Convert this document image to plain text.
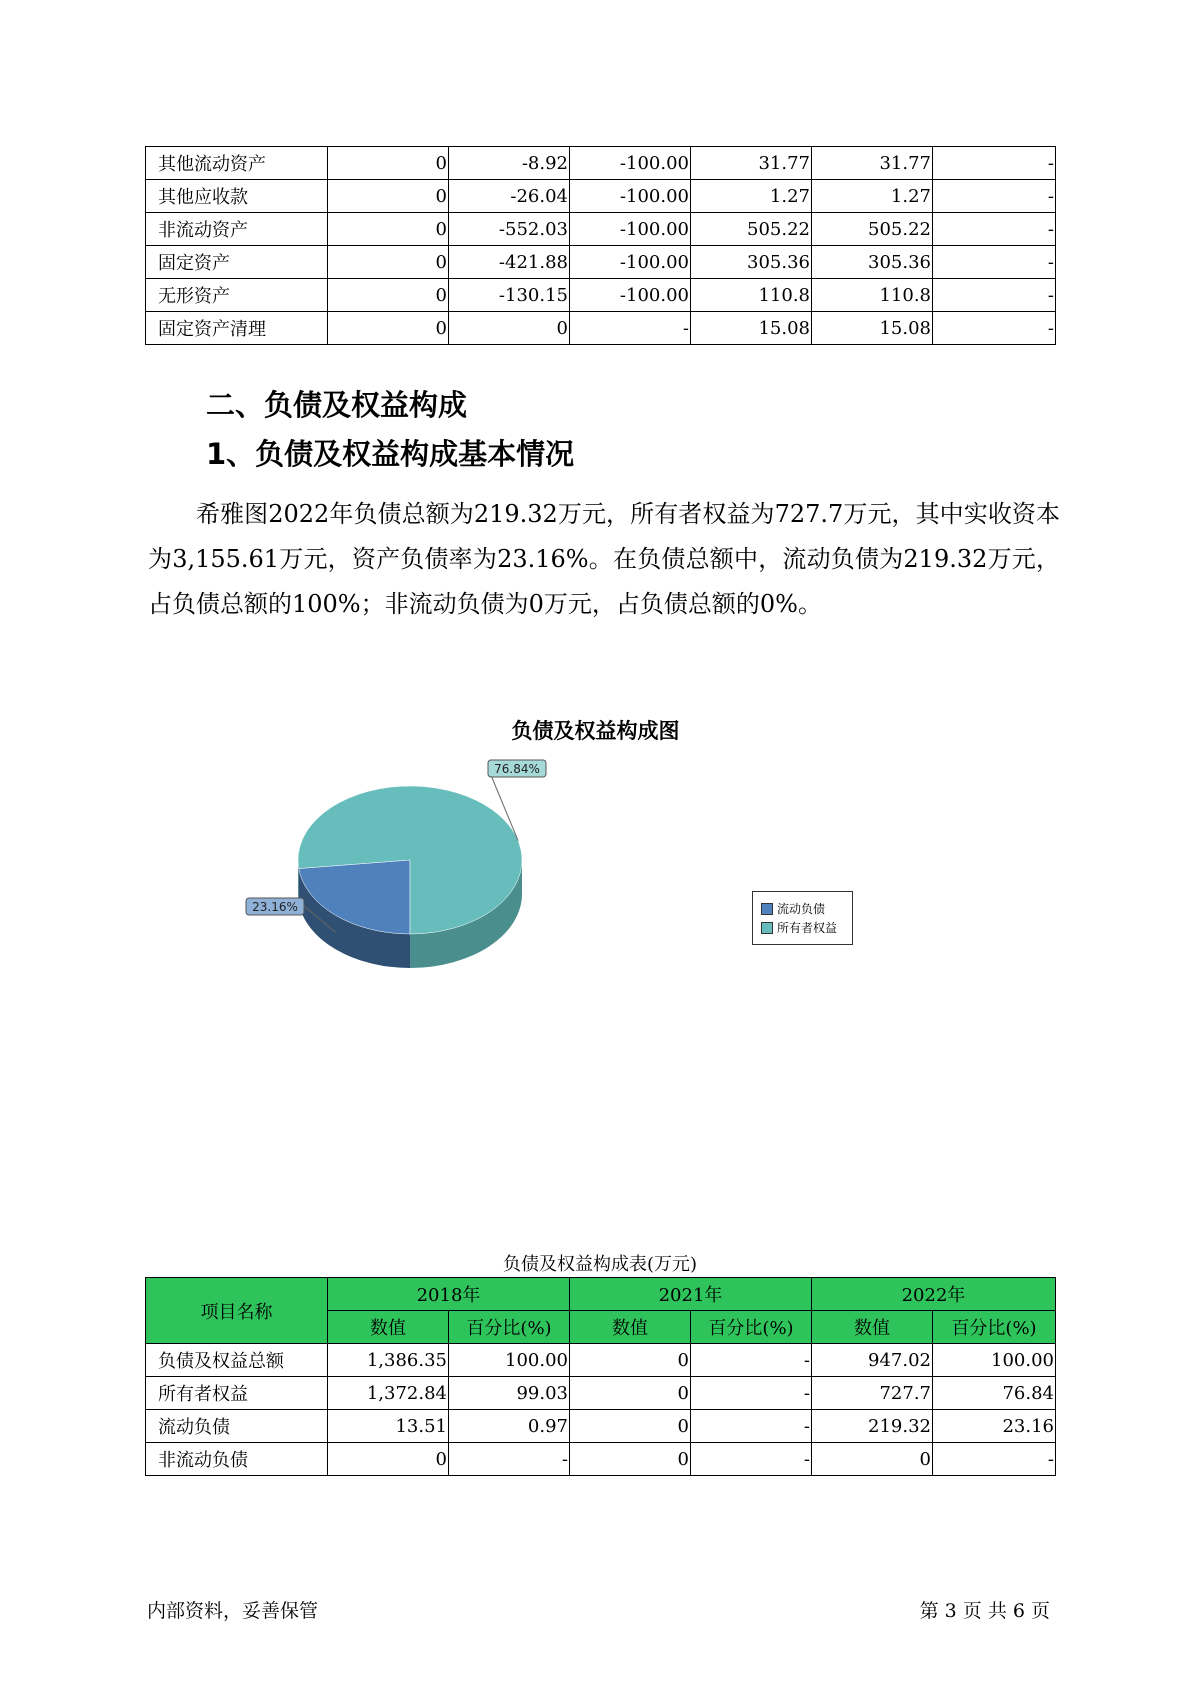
其他流动资产	0	-8.92	-100.00	31.77	31.77	-
其他应收款	0	-26.04	-100.00	1.27	1.27	-
非流动资产	0	-552.03	-100.00	505.22	505.22	-
固定资产	0	-421.88	-100.00	305.36	305.36	-
无形资产	0	-130.15	-100.00	110.8	110.8	-
固定资产清理	0	0	-	15.08	15.08	-
二、负债及权益构成
1、负债及权益构成基本情况

希雅图2022年负债总额为219.32万元，所有者权益为727.7万元，其中实收资本为3,155.61万元，资产负债率为23.16%。在负债总额中，流动负债为219.32万元，占负债总额的100%；非流动负债为0万元，占负债总额的0%。

负债及权益构成图
23.16%
76.84%
流动负债
所有者权益
负债及权益构成表(万元)
项目名称	2018年		2021年		2022年	
	数值	百分比(%)	数值	百分比(%)	数值	百分比(%)
负债及权益总额	1,386.35	100.00	0	-	947.02	100.00
所有者权益	1,372.84	99.03	0	-	727.7	76.84
流动负债	13.51	0.97	0	-	219.32	23.16
非流动负债	0	-	0	-	0	-
内部资料，妥善保管	第 3 页 共 6 页
